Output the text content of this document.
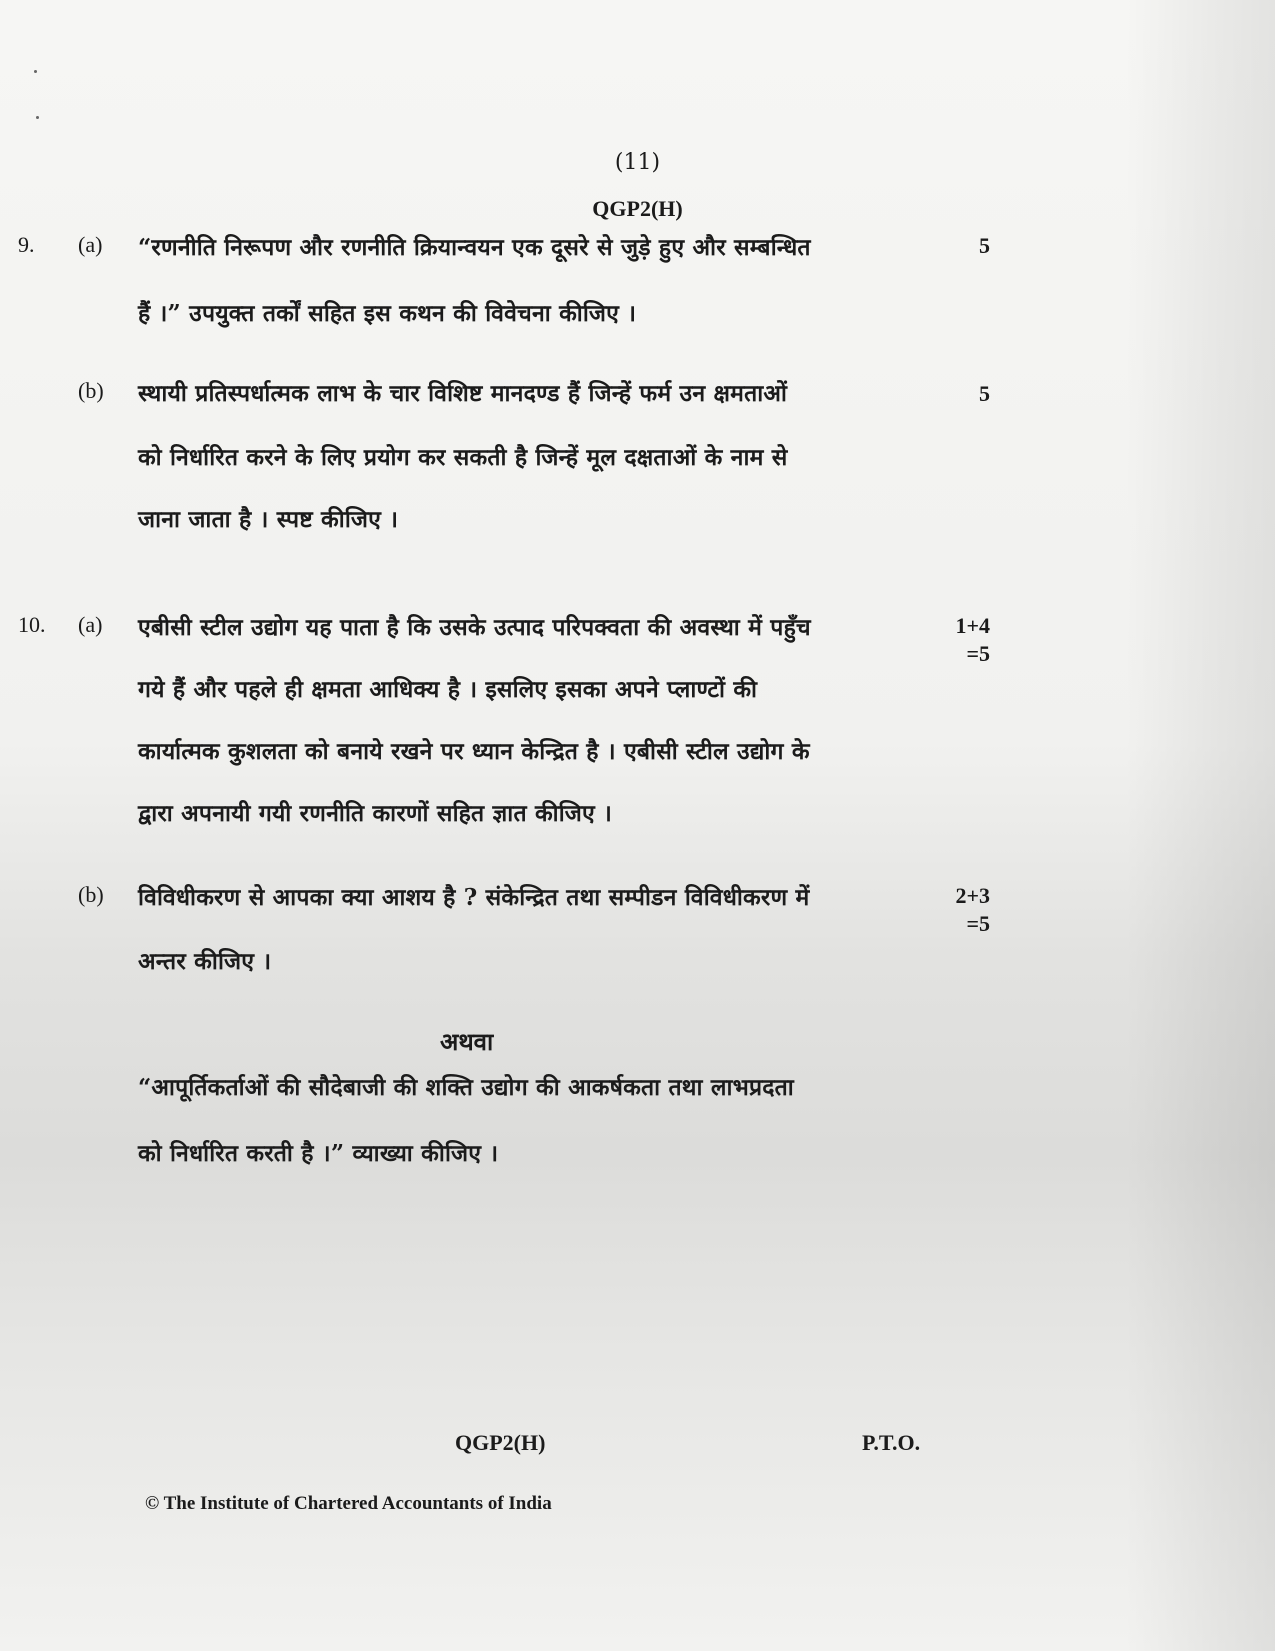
(11)
QGP2(H)
9. (a) “रणनीति निरूपण और रणनीति क्रियान्वयन एक दूसरे से जुड़े हुए और सम्बन्धित	5
हैं ।” उपयुक्त तर्कों सहित इस कथन की विवेचना कीजिए ।
(b) स्थायी प्रतिस्पर्धात्मक लाभ के चार विशिष्ट मानदण्ड हैं जिन्हें फर्म उन क्षमताओं	5
को निर्धारित करने के लिए प्रयोग कर सकती है जिन्हें मूल दक्षताओं के नाम से
जाना जाता है । स्पष्ट कीजिए ।
10. (a) एबीसी स्टील उद्योग यह पाता है कि उसके उत्पाद परिपक्वता की अवस्था में पहुँच	1+4
=5
गये हैं और पहले ही क्षमता आधिक्य है । इसलिए इसका अपने प्लाण्टों की
कार्यात्मक कुशलता को बनाये रखने पर ध्यान केन्द्रित है । एबीसी स्टील उद्योग के
द्वारा अपनायी गयी रणनीति कारणों सहित ज्ञात कीजिए ।
(b) विविधीकरण से आपका क्या आशय है ? संकेन्द्रित तथा सम्पीडन विविधीकरण में	2+3
=5
अन्तर कीजिए ।
अथवा
“आपूर्तिकर्ताओं की सौदेबाजी की शक्ति उद्योग की आकर्षकता तथा लाभप्रदता
को निर्धारित करती है ।” व्याख्या कीजिए ।
QGP2(H)	P.T.O.
© The Institute of Chartered Accountants of India
